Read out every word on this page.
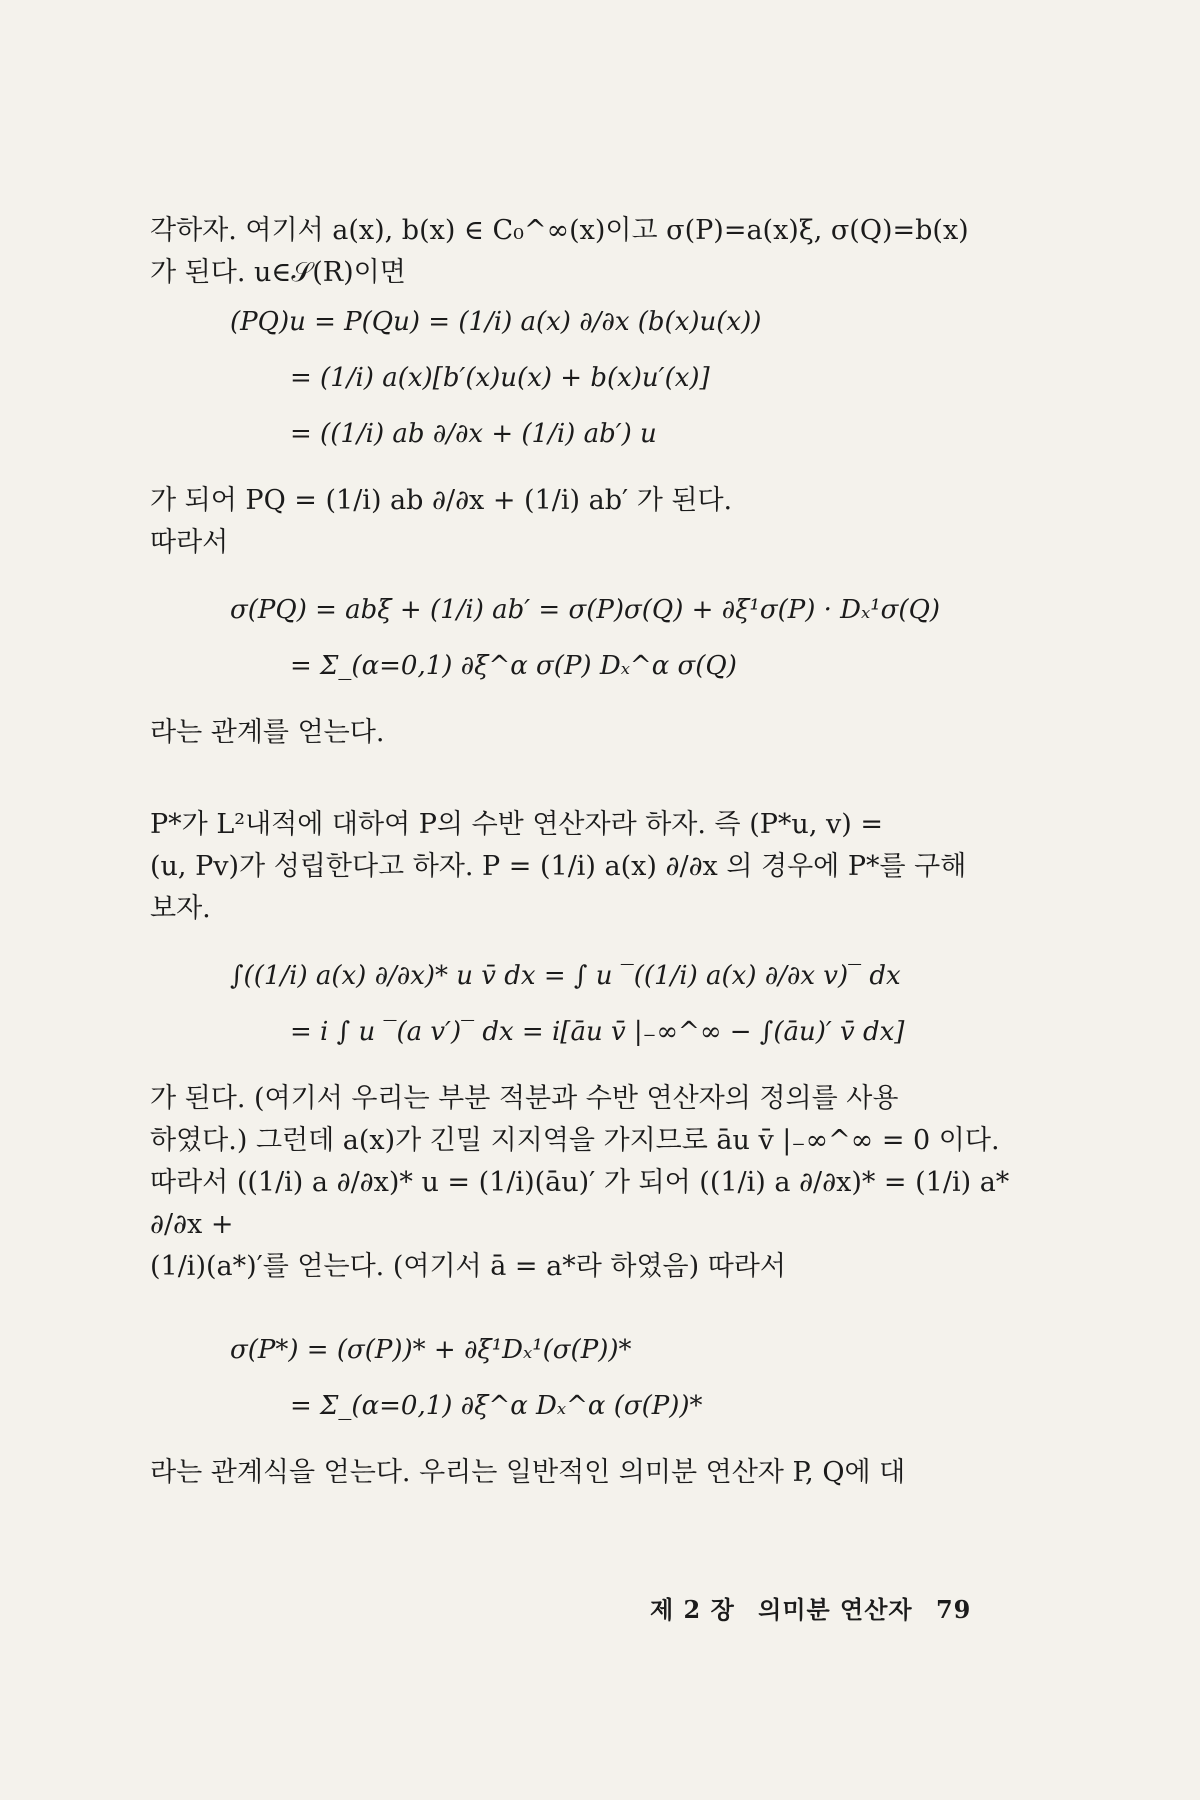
각하자. 여기서 a(x), b(x) ∈ C₀^∞(x)이고 σ(P)=a(x)ξ, σ(Q)=b(x)
가 된다. u∈𝒮(R)이면
(PQ)u = P(Qu) = (1/i) a(x) ∂/∂x (b(x)u(x))
= (1/i) a(x)[b′(x)u(x) + b(x)u′(x)]
= ((1/i) ab ∂/∂x + (1/i) ab′) u
가 되어 PQ = (1/i) ab ∂/∂x + (1/i) ab′ 가 된다.
따라서
σ(PQ) = abξ + (1/i) ab′ = σ(P)σ(Q) + ∂ξ¹σ(P) · Dₓ¹σ(Q)
= Σ_(α=0,1) ∂ξ^α σ(P) Dₓ^α σ(Q)
라는 관계를 얻는다.
P*가 L²내적에 대하여 P의 수반 연산자라 하자. 즉 (P*u, v) =
(u, Pv)가 성립한다고 하자. P = (1/i) a(x) ∂/∂x 의 경우에 P*를 구해
보자.
∫((1/i) a(x) ∂/∂x)* u v̄ dx = ∫ u ‾((1/i) a(x) ∂/∂x v)‾ dx
= i ∫ u ‾(a v′)‾ dx = i[āu v̄ |₋∞^∞ − ∫(āu)′ v̄ dx]
가 된다. (여기서 우리는 부분 적분과 수반 연산자의 정의를 사용
하였다.) 그런데 a(x)가 긴밀 지지역을 가지므로 āu v̄ |₋∞^∞ = 0 이다.
따라서 ((1/i) a ∂/∂x)* u = (1/i)(āu)′ 가 되어 ((1/i) a ∂/∂x)* = (1/i) a* ∂/∂x +
(1/i)(a*)′를 얻는다. (여기서 ā = a*라 하였음) 따라서
σ(P*) = (σ(P))* + ∂ξ¹Dₓ¹(σ(P))*
= Σ_(α=0,1) ∂ξ^α Dₓ^α (σ(P))*
라는 관계식을 얻는다. 우리는 일반적인 의미분 연산자 P, Q에 대
제 2 장 의미분 연산자 79
